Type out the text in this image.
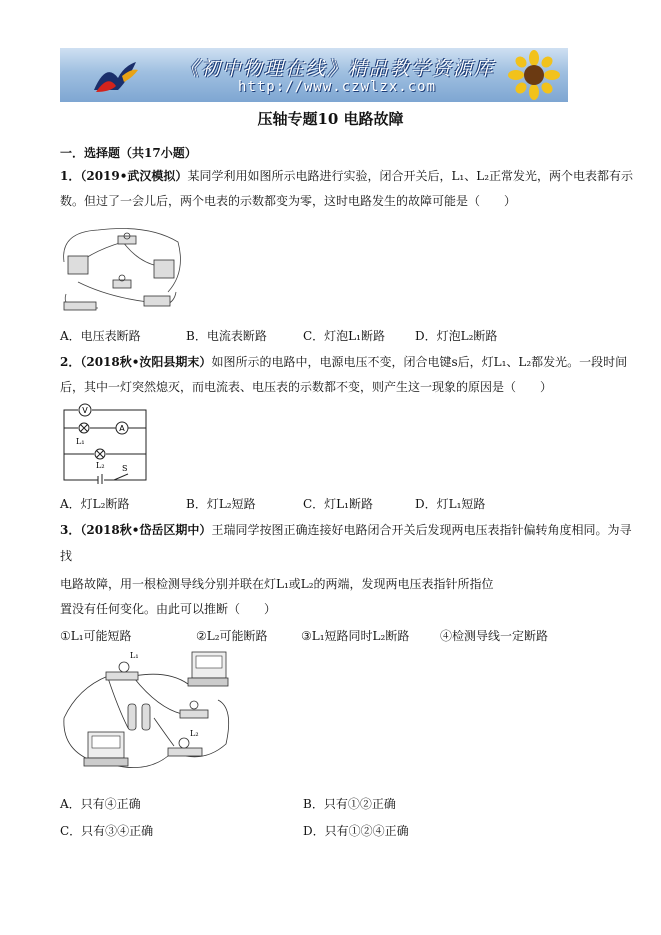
《初中物理在线》精品教学资源库
http://www.czwlzx.com
压轴专题10 电路故障
一．选择题（共17小题）
1．（2019•武汉模拟）某同学利用如图所示电路进行实验，闭合开关后，L₁、L₂正常发光，两个电表都有示
数。但过了一会儿后，两个电表的示数都变为零，这时电路发生的故障可能是（　　）
A．电压表断路	B．电流表断路	C．灯泡L₁断路	D．灯泡L₂断路
2．（2018秋•汝阳县期末）如图所示的电路中，电源电压不变，闭合电键s后，灯L₁、L₂都发光。一段时间
后，其中一灯突然熄灭，而电流表、电压表的示数都不变，则产生这一现象的原因是（　　）
V
A
L₁
L₂ S
A．灯L₂断路	B．灯L₂短路	C．灯L₁断路	D．灯L₁短路
3．（2018秋•岱岳区期中）王瑞同学按图正确连接好电路闭合开关后发现两电压表指针偏转角度相同。为寻
找
电路故障，用一根检测导线分别并联在灯L₁或L₂的两端，发现两电压表指针所指位
置没有任何变化。由此可以推断（　　）
①L₁可能短路	②L₂可能断路	③L₁短路同时L₂断路	④检测导线一定断路
L₁
L₂
A．只有④正确	B．只有①②正确
C．只有③④正确	D．只有①②④正确
